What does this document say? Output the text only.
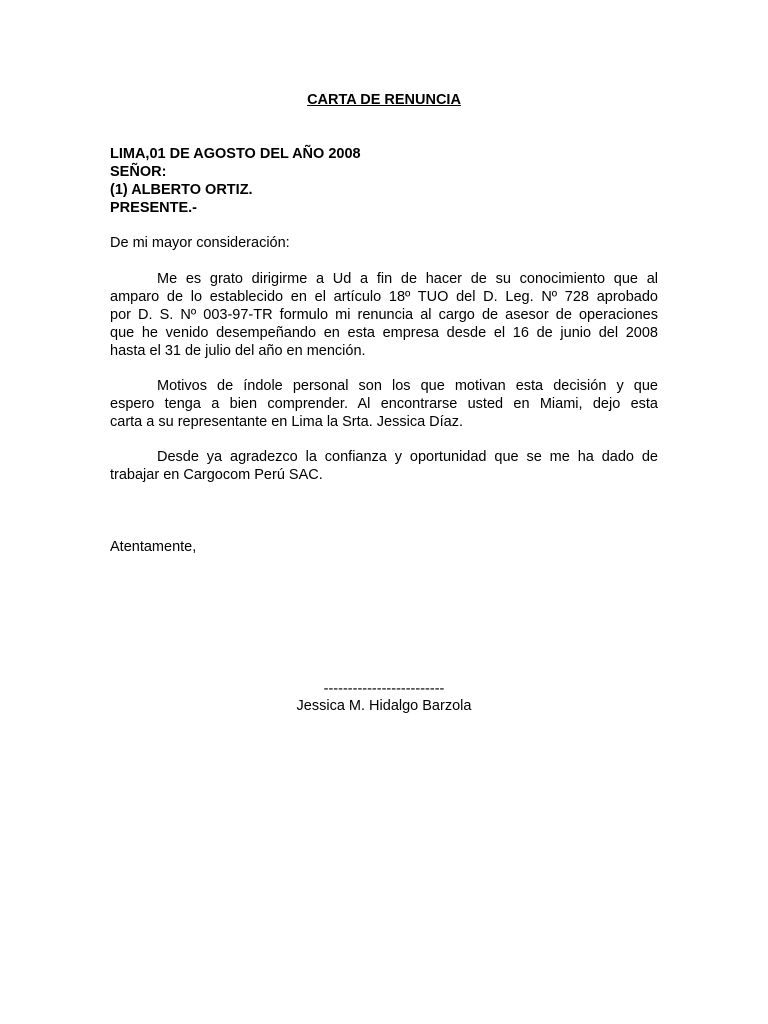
CARTA DE RENUNCIA
LIMA,01 DE AGOSTO DEL AÑO 2008
SEÑOR:
(1) ALBERTO ORTIZ.
PRESENTE.-
De mi mayor consideración:
Me es grato dirigirme a Ud a fin de hacer de su conocimiento que al
amparo de lo establecido en el artículo 18º TUO del D. Leg. Nº 728 aprobado
por D. S. Nº 003-97-TR formulo mi renuncia al cargo de asesor de operaciones
que he venido desempeñando en esta empresa desde el 16 de junio del 2008
hasta el 31 de julio del año en mención.
Motivos de índole personal son los que motivan esta decisión y que
espero tenga a bien comprender. Al encontrarse usted en Miami, dejo esta
carta a su representante en Lima la Srta. Jessica Díaz.
Desde ya agradezco la confianza y oportunidad que se me ha dado de
trabajar en Cargocom Perú SAC.
Atentamente,
-------------------------
Jessica M. Hidalgo Barzola
